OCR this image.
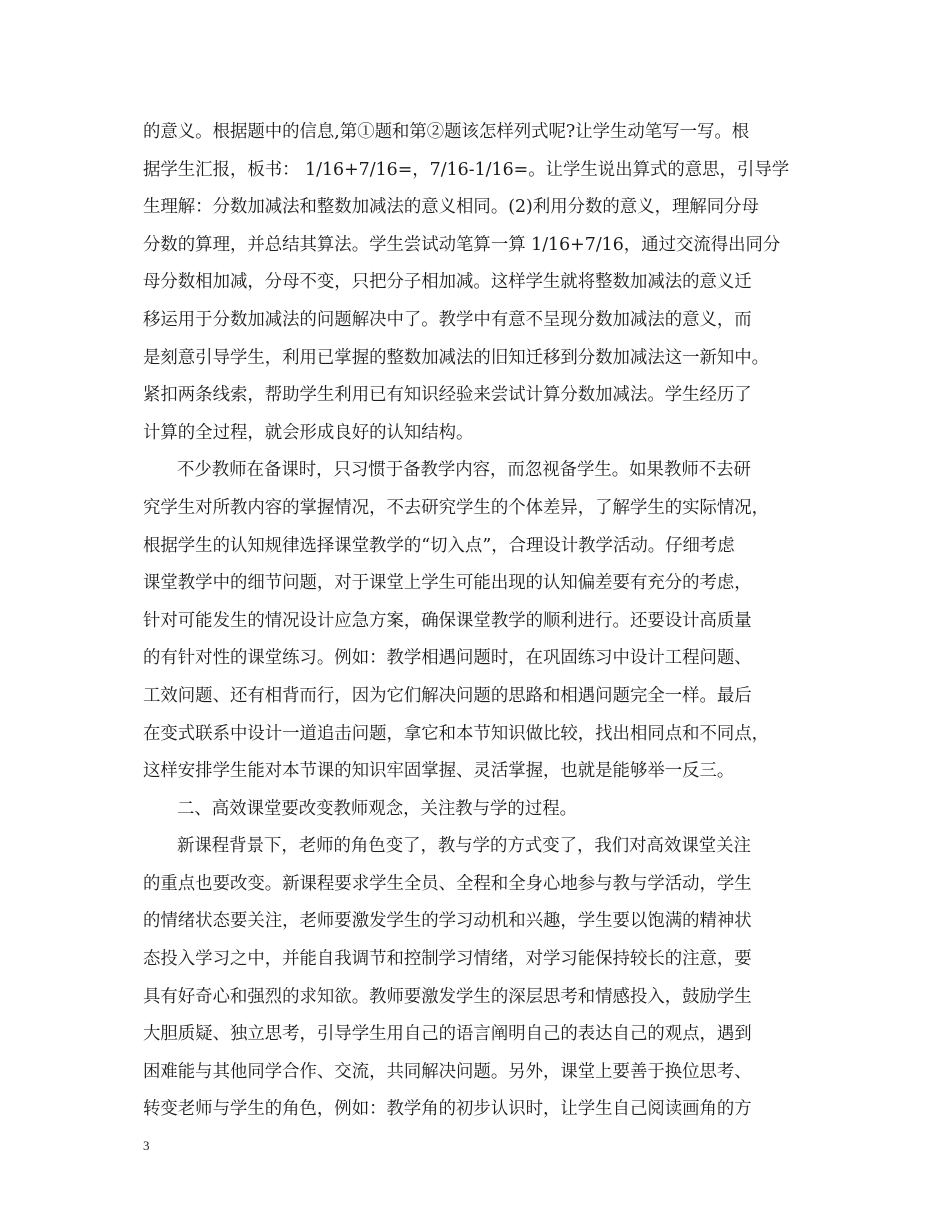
的意义。根据题中的信息,第①题和第②题该怎样列式呢?让学生动笔写一写。根
据学生汇报，板书： 1/16+7/16=，7/16-1/16=。让学生说出算式的意思，引导学
生理解：分数加减法和整数加减法的意义相同。(2)利用分数的意义，理解同分母
分数的算理，并总结其算法。学生尝试动笔算一算 1/16+7/16，通过交流得出同分
母分数相加减，分母不变，只把分子相加减。这样学生就将整数加减法的意义迁
移运用于分数加减法的问题解决中了。教学中有意不呈现分数加减法的意义，而
是刻意引导学生，利用已掌握的整数加减法的旧知迁移到分数加减法这一新知中。
紧扣两条线索，帮助学生利用已有知识经验来尝试计算分数加减法。学生经历了
计算的全过程，就会形成良好的认知结构。
不少教师在备课时，只习惯于备教学内容，而忽视备学生。如果教师不去研
究学生对所教内容的掌握情况，不去研究学生的个体差异，了解学生的实际情况，
根据学生的认知规律选择课堂教学的“切入点”，合理设计教学活动。仔细考虑
课堂教学中的细节问题，对于课堂上学生可能出现的认知偏差要有充分的考虑，
针对可能发生的情况设计应急方案，确保课堂教学的顺利进行。还要设计高质量
的有针对性的课堂练习。例如：教学相遇问题时，在巩固练习中设计工程问题、
工效问题、还有相背而行，因为它们解决问题的思路和相遇问题完全一样。最后
在变式联系中设计一道追击问题，拿它和本节知识做比较，找出相同点和不同点，
这样安排学生能对本节课的知识牢固掌握、灵活掌握，也就是能够举一反三。
二、高效课堂要改变教师观念，关注教与学的过程。
新课程背景下，老师的角色变了，教与学的方式变了，我们对高效课堂关注
的重点也要改变。新课程要求学生全员、全程和全身心地参与教与学活动，学生
的情绪状态要关注，老师要激发学生的学习动机和兴趣，学生要以饱满的精神状
态投入学习之中，并能自我调节和控制学习情绪，对学习能保持较长的注意，要
具有好奇心和强烈的求知欲。教师要激发学生的深层思考和情感投入，鼓励学生
大胆质疑、独立思考，引导学生用自己的语言阐明自己的表达自己的观点，遇到
困难能与其他同学合作、交流，共同解决问题。另外，课堂上要善于换位思考、
转变老师与学生的角色，例如：教学角的初步认识时，让学生自己阅读画角的方
3
